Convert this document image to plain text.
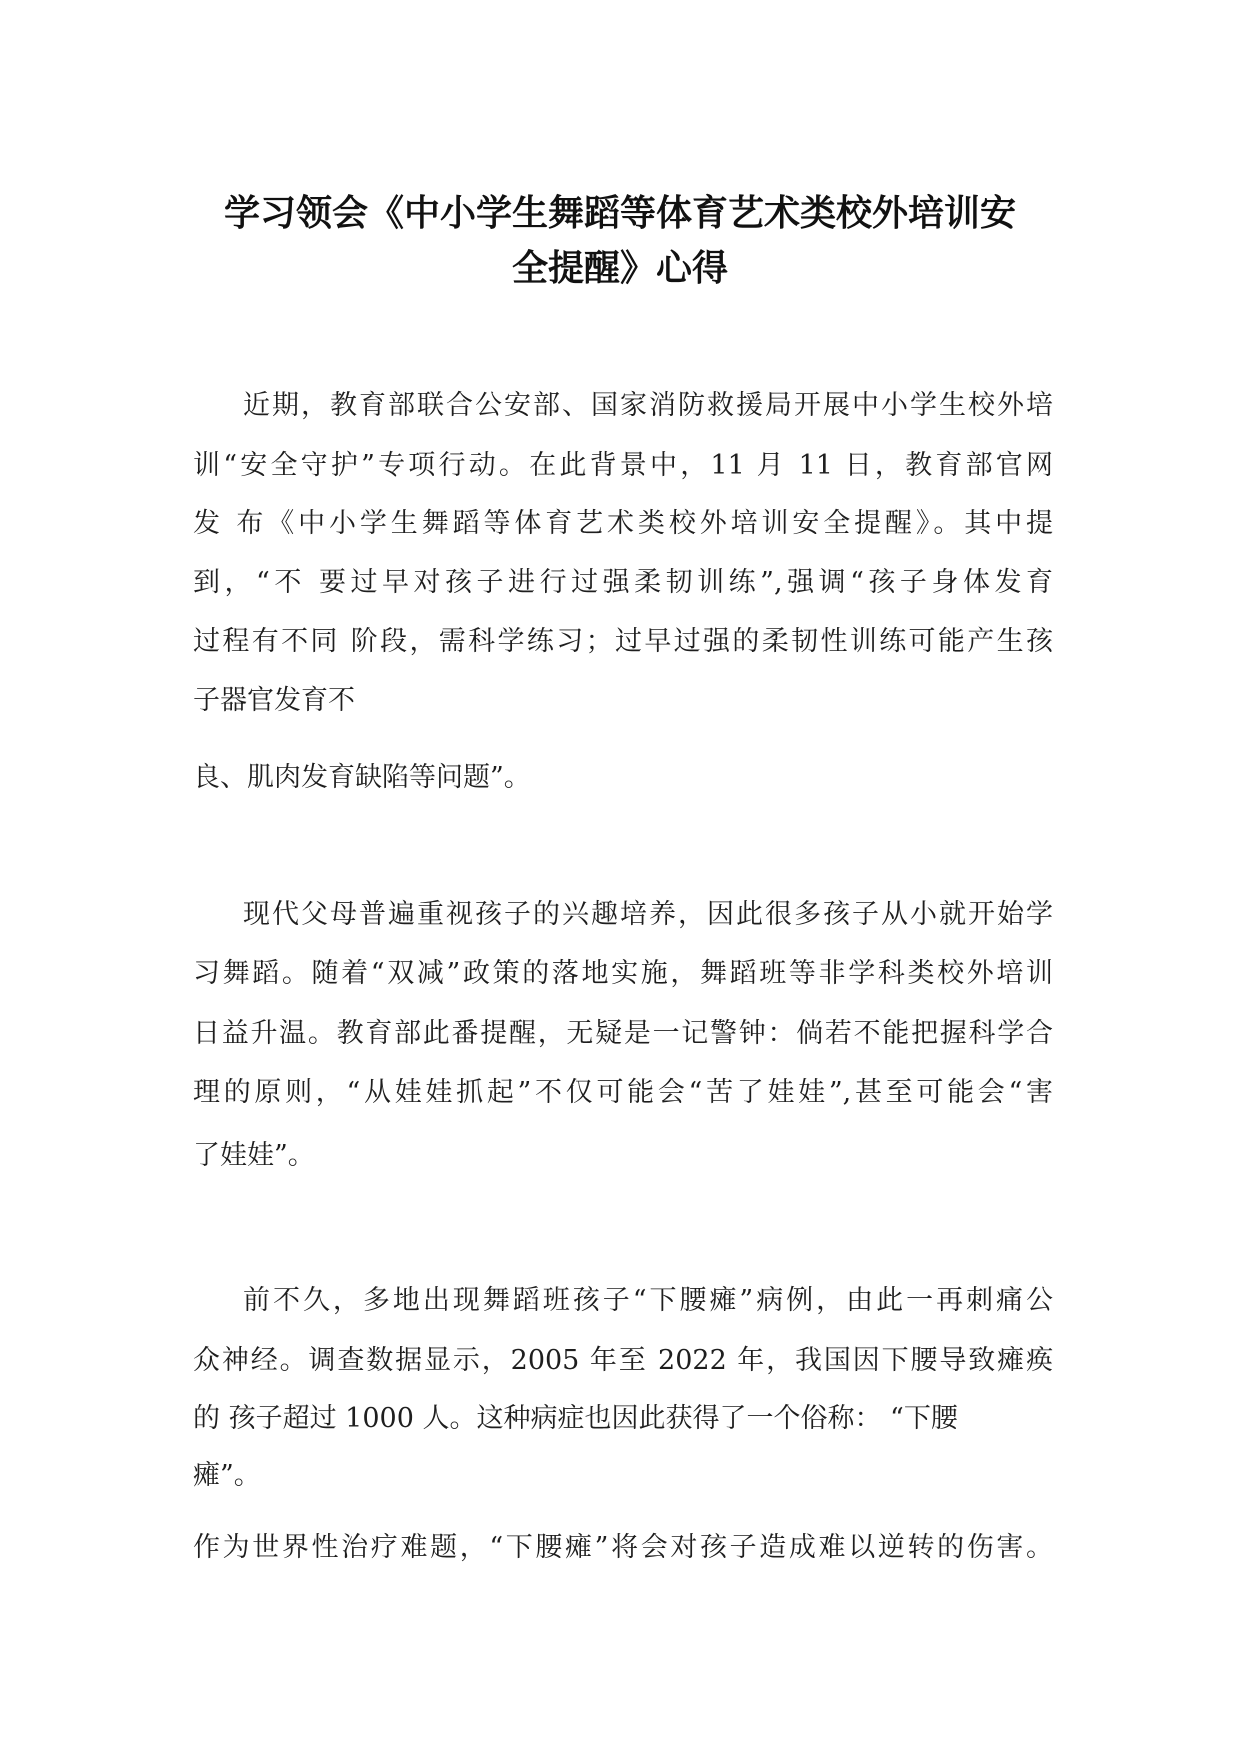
学习领会《中小学生舞蹈等体育艺术类校外培训安
全提醒》心得

近期，教育部联合公安部、国家消防救援局开展中小学生校外培

训“安全守护”专项行动。在此背景中，11 月 11 日，教育部官网

发 布《中小学生舞蹈等体育艺术类校外培训安全提醒》。其中提

到，“不 要过早对孩子进行过强柔韧训练”,强调“孩子身体发育

过程有不同 阶段，需科学练习；过早过强的柔韧性训练可能产生孩

子器官发育不

良、肌肉发育缺陷等问题”。

现代父母普遍重视孩子的兴趣培养，因此很多孩子从小就开始学

习舞蹈。随着“双减”政策的落地实施，舞蹈班等非学科类校外培训

日益升温。教育部此番提醒，无疑是一记警钟：倘若不能把握科学合

理的原则，“从娃娃抓起”不仅可能会“苦了娃娃”,甚至可能会“害

了娃娃”。

前不久，多地出现舞蹈班孩子“下腰瘫”病例，由此一再刺痛公

众神经。调查数据显示，2005 年至 2022 年，我国因下腰导致瘫痪

的 孩子超过 1000 人。这种病症也因此获得了一个俗称： “下腰

瘫”。

作为世界性治疗难题，“下腰瘫”将会对孩子造成难以逆转的伤害。
